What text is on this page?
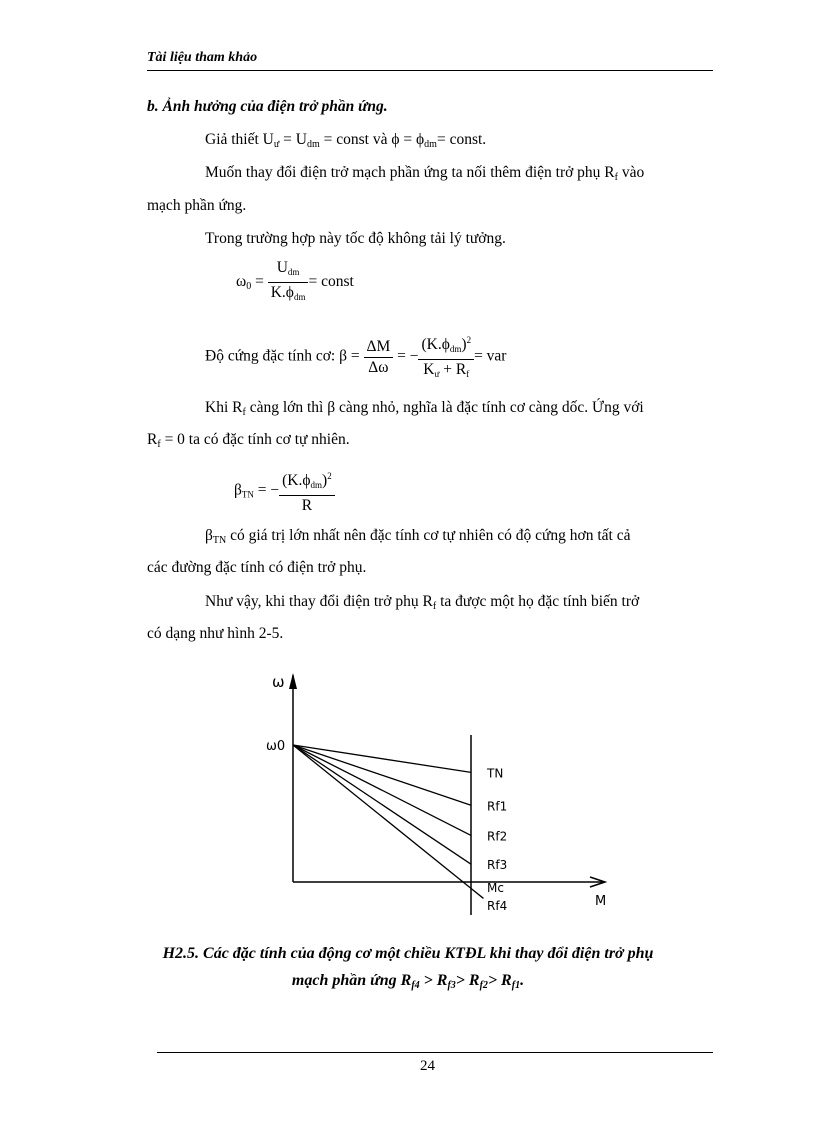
Tài liệu tham khảo
b. Ảnh hưởng của điện trở phần ứng.
Giả thiết $U_ư = U_{dm}$ = const và $\phi = \phi_{dm}=$ const.
Muốn thay đổi điện trở mạch phần ứng ta nối thêm điện trở phụ $R_f$ vào
mạch phần ứng.
Trong trường hợp này tốc độ không tải lý tưởng.
$\omega_0 = \frac{U_{dm}}{K.\phi_{dm}}$ = const
Độ cứng đặc tính cơ: $\beta = \frac{\Delta M}{\Delta\omega}$ = − $\frac{(K.\phi_{dm})^2}{K_ư + R_f}$ = var
Khi $R_f$ càng lớn thì β càng nhỏ, nghĩa là đặc tính cơ càng dốc. Ứng với
$R_f = 0$ ta có đặc tính cơ tự nhiên.
$\beta_{TN}$ = − $\frac{(K.\phi_{dm})^2}{R}$
$\beta_{TN}$ có giá trị lớn nhất nên đặc tính cơ tự nhiên có độ cứng hơn tất cả
các đường đặc tính có điện trở phụ.
Như vậy, khi thay đổi điện trở phụ $R_f$ ta được một họ đặc tính biến trở
có dạng như hình 2-5.
ω
ω0
M
TN
Rf1
Rf2
Rf3
Mc
Rf4
H2.5. Các đặc tính của động cơ một chiều KTĐL khi thay đổi điện trở phụ
mạch phần ứng $R_{f4} > R_{f3}> R_{f2}> R_{f1}$.
24
